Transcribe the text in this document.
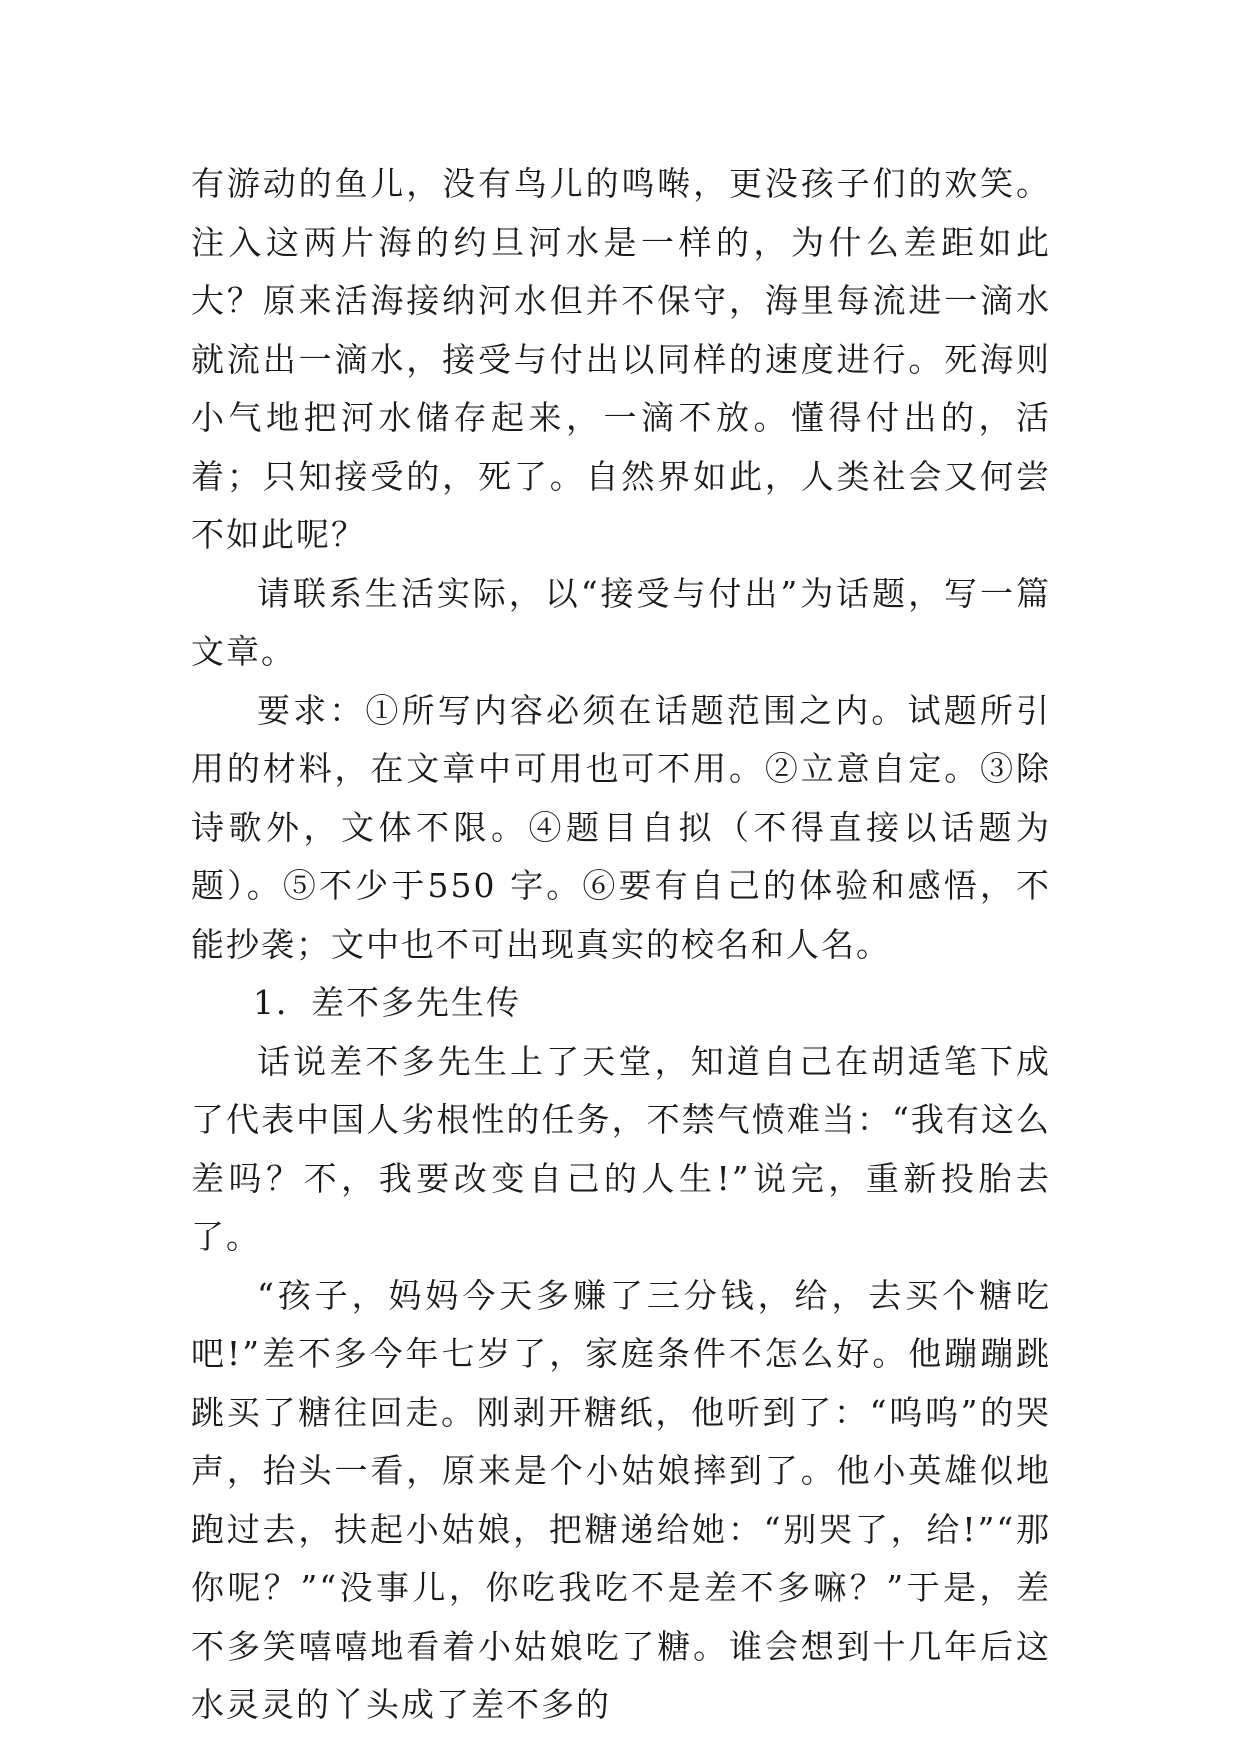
有游动的鱼儿，没有鸟儿的鸣啭，更没孩子们的欢笑。注入这两片海的约旦河水是一样的，为什么差距如此大？原来活海接纳河水但并不保守，海里每流进一滴水就流出一滴水，接受与付出以同样的速度进行。死海则小气地把河水储存起来，一滴不放。懂得付出的，活着；只知接受的，死了。自然界如此，人类社会又何尝不如此呢？

请联系生活实际，以“接受与付出”为话题，写一篇文章。

要求：①所写内容必须在话题范围之内。试题所引用的材料，在文章中可用也可不用。②立意自定。③除诗歌外，文体不限。④题目自拟（不得直接以话题为题）。⑤不少于550 字。⑥要有自己的体验和感悟，不能抄袭；文中也不可出现真实的校名和人名。

1．差不多先生传

话说差不多先生上了天堂，知道自己在胡适笔下成了代表中国人劣根性的任务，不禁气愤难当：“我有这么差吗？不，我要改变自己的人生!”说完，重新投胎去了。

“孩子，妈妈今天多赚了三分钱，给，去买个糖吃吧!”差不多今年七岁了，家庭条件不怎么好。他蹦蹦跳跳买了糖往回走。刚剥开糖纸，他听到了：“呜呜”的哭声，抬头一看，原来是个小姑娘摔到了。他小英雄似地跑过去，扶起小姑娘，把糖递给她：“别哭了，给!”“那你呢？”“没事儿，你吃我吃不是差不多嘛？”于是，差不多笑嘻嘻地看着小姑娘吃了糖。谁会想到十几年后这水灵灵的丫头成了差不多的
